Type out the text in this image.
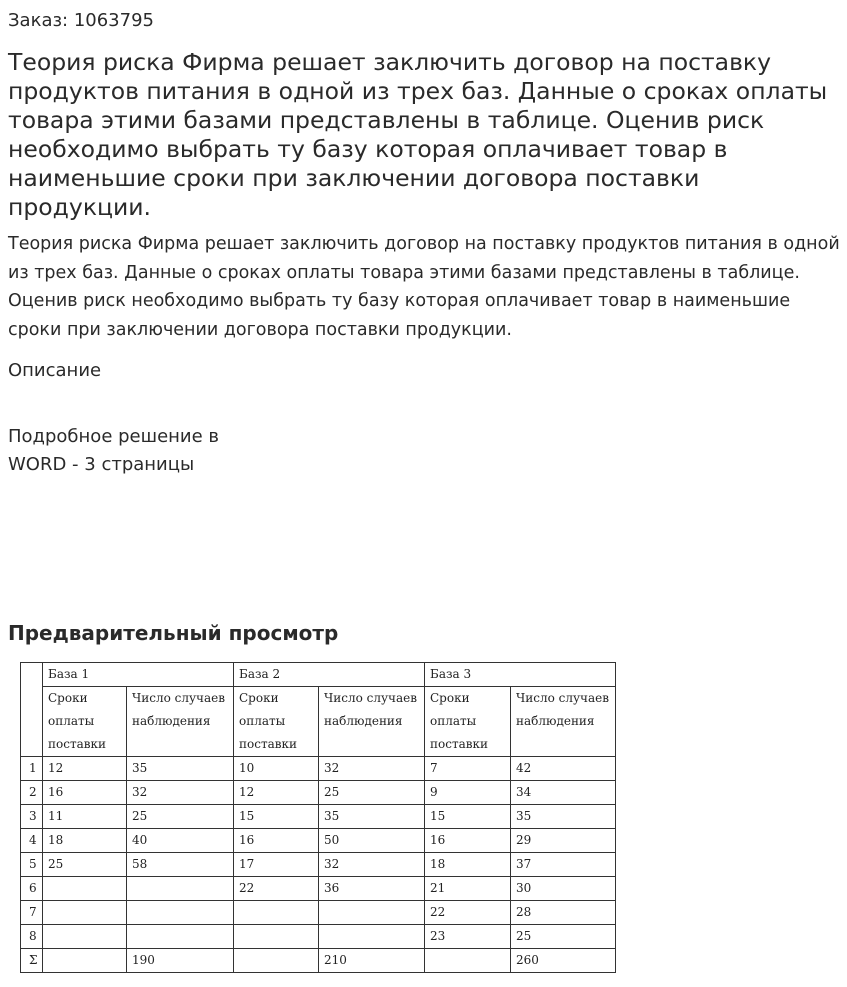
Заказ: 1063795
Теория риска Фирма решает заключить договор на поставку продуктов питания в одной из трех баз. Данные о сроках оплаты товара этими базами представлены в таблице. Оценив риск необходимо выбрать ту базу которая оплачивает товар в наименьшие сроки при заключении договора поставки продукции.

Теория риска Фирма решает заключить договор на поставку продуктов питания в одной из трех баз. Данные о сроках оплаты товара этими базами представлены в таблице. Оценив риск необходимо выбрать ту базу которая оплачивает товар в наименьшие сроки при заключении договора поставки продукции.

Описание
Подробное решение в
WORD - 3 страницы
Предварительный просмотр
	База 1		База 2		База 3	
	Сроки оплаты поставки	Число случаев наблюдения	Сроки оплаты поставки	Число случаев наблюдения	Сроки оплаты поставки	Число случаев наблюдения
1	12	35	10	32	7	42
2	16	32	12	25	9	34
3	11	25	15	35	15	35
4	18	40	16	50	16	29
5	25	58	17	32	18	37
6			22	36	21	30
7					22	28
8					23	25
Σ		190		210		260
